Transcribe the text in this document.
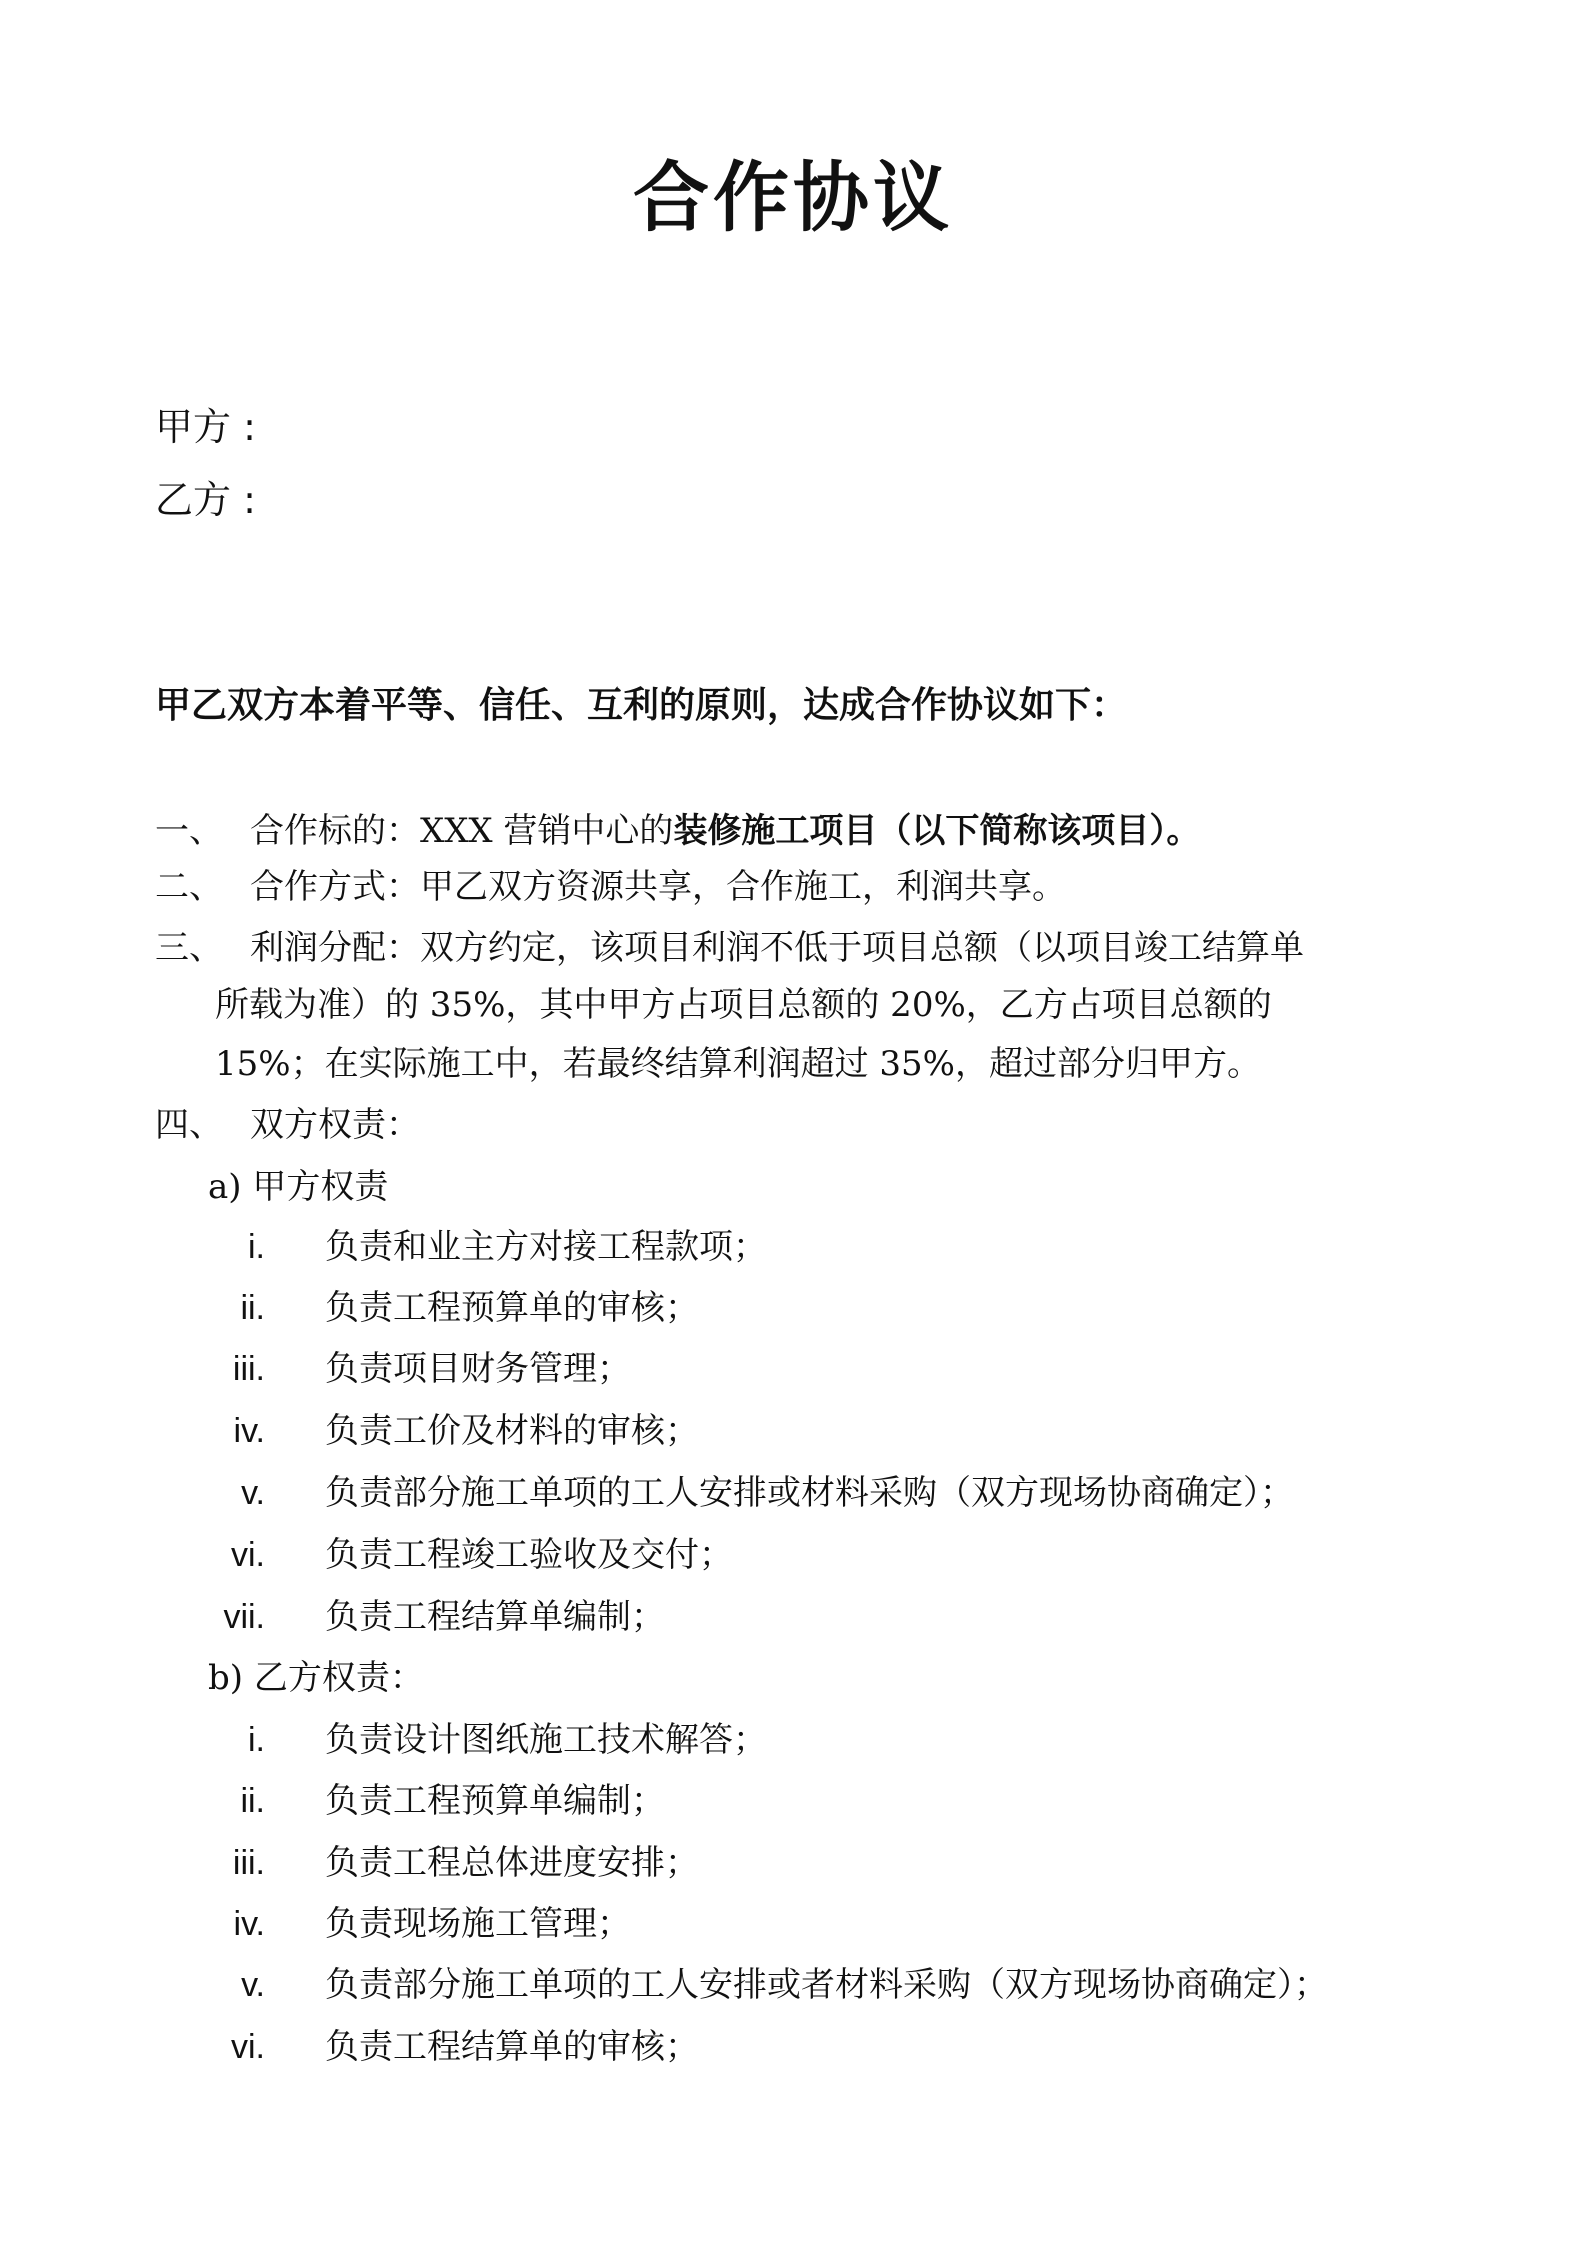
合作协议
甲方 :
乙方 :
甲乙双方本着平等、信任、互利的原则，达成合作协议如下：
一、 合作标的：XXX 营销中心的装修施工项目（以下简称该项目）。
二、 合作方式：甲乙双方资源共享，合作施工，利润共享。
三、 利润分配：双方约定，该项目利润不低于项目总额（以项目竣工结算单
所载为准）的 35%，其中甲方占项目总额的 20%，乙方占项目总额的
15%；在实际施工中，若最终结算利润超过 35%，超过部分归甲方。
四、 双方权责：
a) 甲方权责
i. 负责和业主方对接工程款项；
ii. 负责工程预算单的审核；
iii. 负责项目财务管理；
iv. 负责工价及材料的审核；
v. 负责部分施工单项的工人安排或材料采购（双方现场协商确定）；
vi. 负责工程竣工验收及交付；
vii. 负责工程结算单编制；
b) 乙方权责：
i. 负责设计图纸施工技术解答；
ii. 负责工程预算单编制；
iii. 负责工程总体进度安排；
iv. 负责现场施工管理；
v. 负责部分施工单项的工人安排或者材料采购（双方现场协商确定）；
vi. 负责工程结算单的审核；
